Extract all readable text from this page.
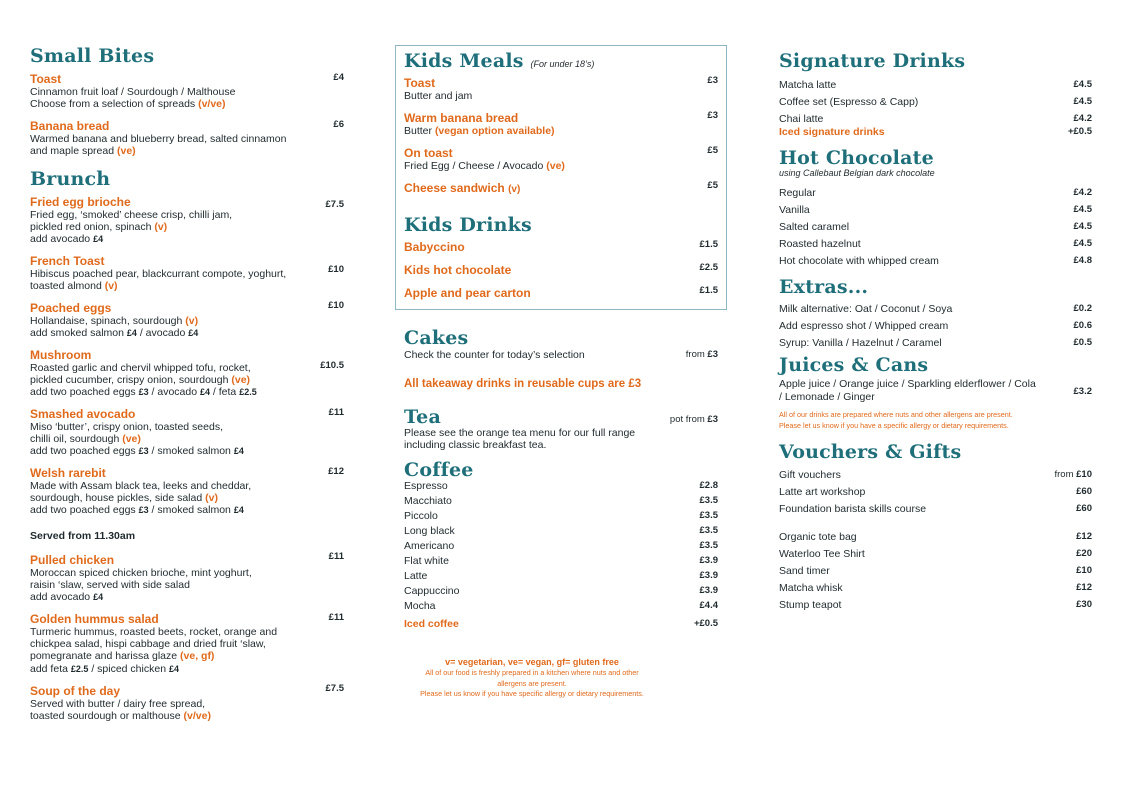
Small Bites
Toast
Cinnamon fruit loaf / Sourdough / Malthouse
Choose from a selection of spreads (v/ve)
£4
Banana bread
Warmed banana and blueberry bread, salted cinnamon
and maple spread (ve)
£6
Brunch
Fried egg brioche
Fried egg, ‘smoked’ cheese crisp, chilli jam,
pickled red onion, spinach (v)
add avocado £4
£7.5
French Toast
Hibiscus poached pear, blackcurrant compote, yoghurt,
toasted almond (v)
£10
Poached eggs
Hollandaise, spinach, sourdough (v)
add smoked salmon £4 / avocado £4
£10
Mushroom
Roasted garlic and chervil whipped tofu, rocket,
pickled cucumber, crispy onion, sourdough (ve)
add two poached eggs £3 / avocado £4 / feta £2.5
£10.5
Smashed avocado
Miso ‘butter’, crispy onion, toasted seeds,
chilli oil, sourdough (ve)
add two poached eggs £3 / smoked salmon £4
£11
Welsh rarebit
Made with Assam black tea, leeks and cheddar,
sourdough, house pickles, side salad (v)
add two poached eggs £3 / smoked salmon £4
£12
Served from 11.30am
Pulled chicken
Moroccan spiced chicken brioche, mint yoghurt,
raisin ‘slaw, served with side salad
add avocado £4
£11
Golden hummus salad
Turmeric hummus, roasted beets, rocket, orange and
chickpea salad, hispi cabbage and dried fruit ‘slaw,
pomegranate and harissa glaze (ve, gf)
add feta £2.5 / spiced chicken £4
£11
Soup of the day
Served with butter / dairy free spread,
toasted sourdough or malthouse (v/ve)
£7.5
Kids Meals (For under 18’s)
Toast
Butter and jam
£3
Warm banana bread
Butter (vegan option available)
£3
On toast
Fried Egg / Cheese / Avocado (ve)
£5
Cheese sandwich (v)	£5
Kids Drinks
Babyccino	£1.5
Kids hot chocolate	£2.5
Apple and pear carton	£1.5
Cakes
Check the counter for today’s selection	from £3
All takeaway drinks in reusable cups are £3
Tea	pot from £3
Please see the orange tea menu for our full range
including classic breakfast tea.
Coffee
Espresso	£2.8
Macchiato	£3.5
Piccolo	£3.5
Long black	£3.5
Americano	£3.5
Flat white	£3.9
Latte	£3.9
Cappuccino	£3.9
Mocha	£4.4
Iced coffee	+£0.5
v= vegetarian, ve= vegan, gf= gluten free
All of our food is freshly prepared in a kitchen where nuts and other
allergens are present.
Please let us know if you have specific allergy or dietary requirements.
Signature Drinks
Matcha latte	£4.5
Coffee set (Espresso & Capp)	£4.5
Chai latte	£4.2
Iced signature drinks	+£0.5
Hot Chocolate
using Callebaut Belgian dark chocolate
Regular	£4.2
Vanilla	£4.5
Salted caramel	£4.5
Roasted hazelnut	£4.5
Hot chocolate with whipped cream	£4.8
Extras...
Milk alternative: Oat / Coconut / Soya	£0.2
Add espresso shot / Whipped cream	£0.6
Syrup: Vanilla / Hazelnut / Caramel	£0.5
Juices & Cans
Apple juice / Orange juice / Sparkling elderflower / Cola
/ Lemonade / Ginger	£3.2
All of our drinks are prepared where nuts and other allergens are present.
Please let us know if you have a specific allergy or dietary requirements.
Vouchers & Gifts
Gift vouchers	from £10
Latte art workshop	£60
Foundation barista skills course	£60
Organic tote bag	£12
Waterloo Tee Shirt	£20
Sand timer	£10
Matcha whisk	£12
Stump teapot	£30
